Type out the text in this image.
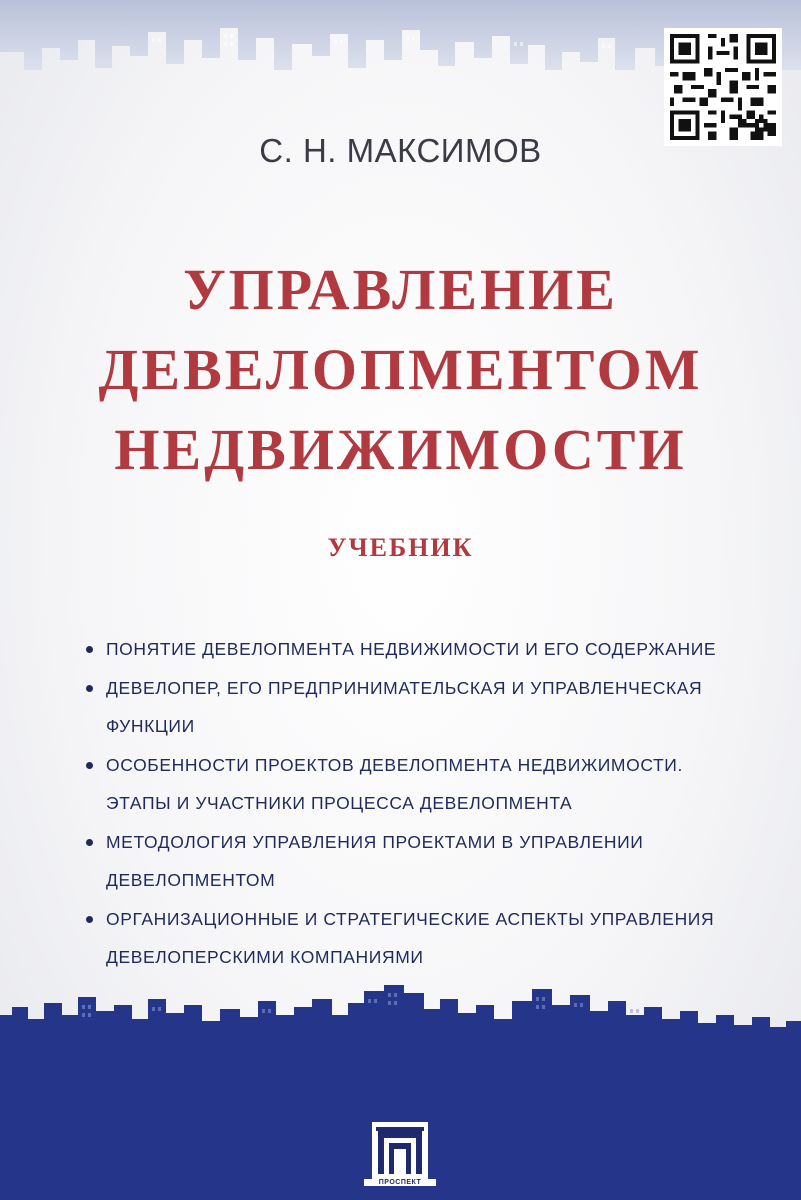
С. Н. МАКСИМОВ
УПРАВЛЕНИЕ
ДЕВЕЛОПМЕНТОМ
НЕДВИЖИМОСТИ
УЧЕБНИК
ПОНЯТИЕ ДЕВЕЛОПМЕНТА НЕДВИЖИМОСТИ И ЕГО СОДЕРЖАНИЕ
ДЕВЕЛОПЕР, ЕГО ПРЕДПРИНИМАТЕЛЬСКАЯ И УПРАВЛЕНЧЕСКАЯ ФУНКЦИИ
ОСОБЕННОСТИ ПРОЕКТОВ ДЕВЕЛОПМЕНТА НЕДВИЖИМОСТИ.
ЭТАПЫ И УЧАСТНИКИ ПРОЦЕССА ДЕВЕЛОПМЕНТА
МЕТОДОЛОГИЯ УПРАВЛЕНИЯ ПРОЕКТАМИ В УПРАВЛЕНИИ
ДЕВЕЛОПМЕНТОМ
ОРГАНИЗАЦИОННЫЕ И СТРАТЕГИЧЕСКИЕ АСПЕКТЫ УПРАВЛЕНИЯ
ДЕВЕЛОПЕРСКИМИ КОМПАНИЯМИ
ПРОСПЕКТ
